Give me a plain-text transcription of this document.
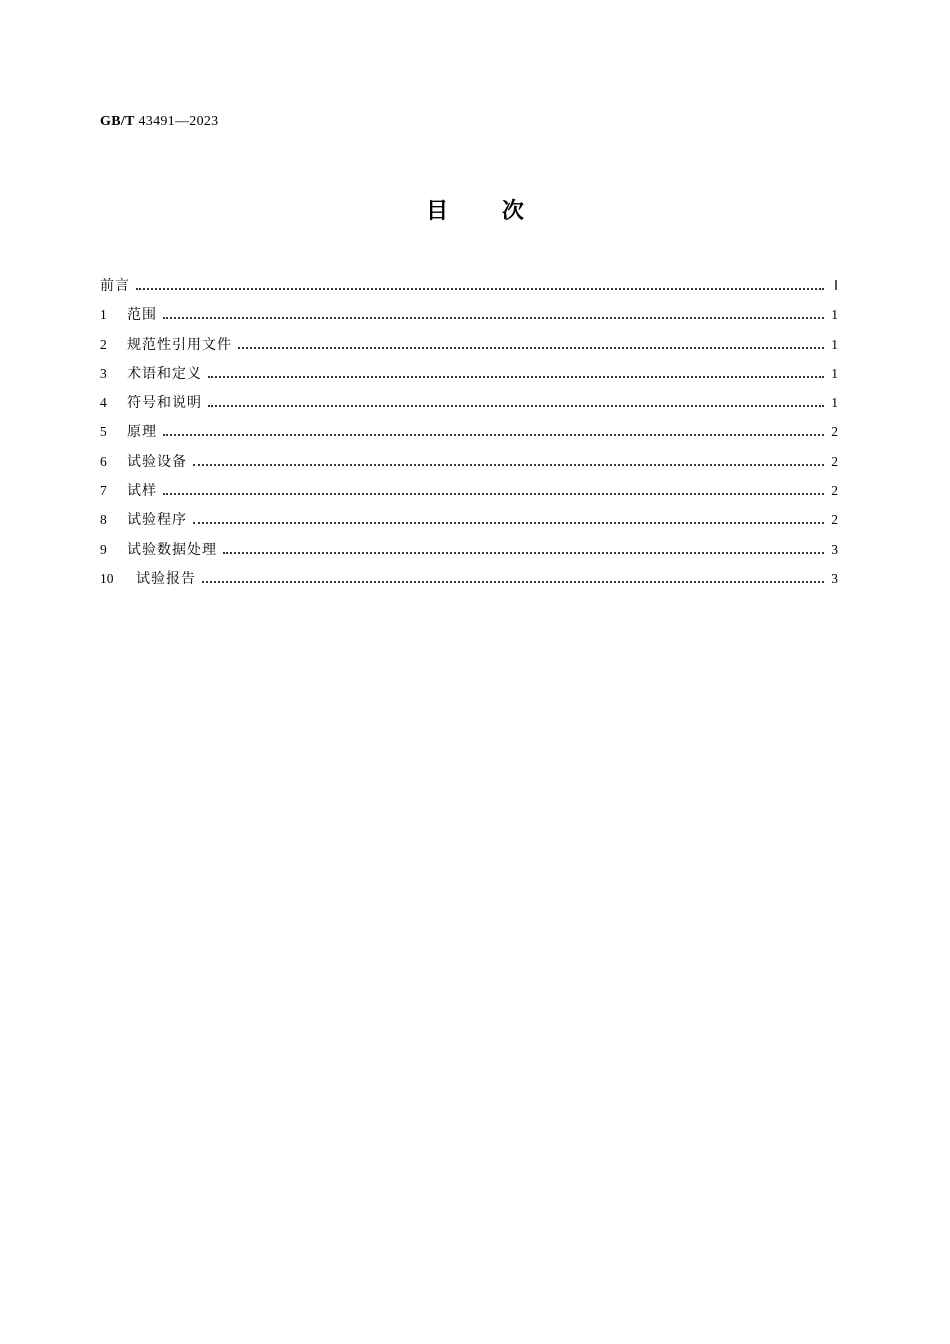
GB/T 43491—2023
目 次
前言	Ⅰ
1	范围	1
2	规范性引用文件	1
3	术语和定义	1
4	符号和说明	1
5	原理	2
6	试验设备	2
7	试样	2
8	试验程序	2
9	试验数据处理	3
10	试验报告	3
